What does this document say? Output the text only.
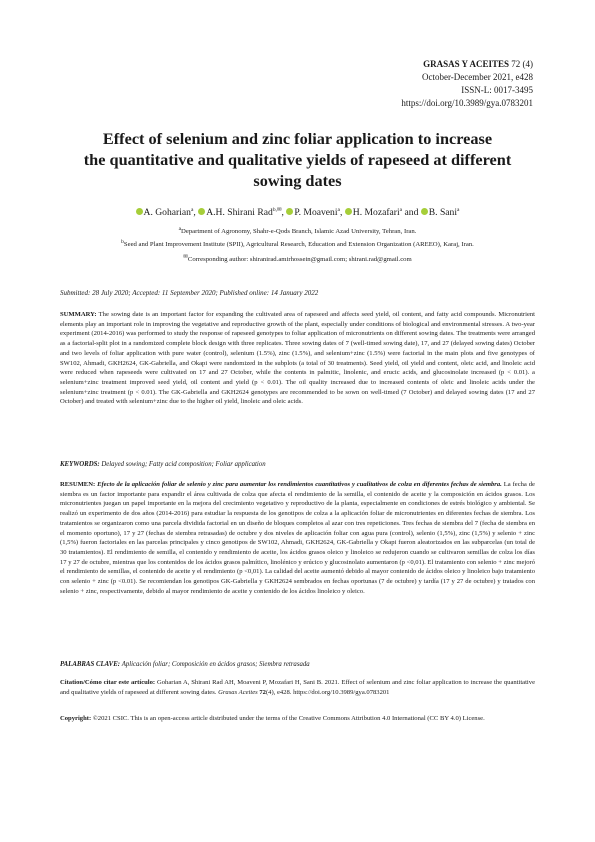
GRASAS Y ACEITES 72 (4)
October-December 2021, e428
ISSN-L: 0017-3495
https://doi.org/10.3989/gya.0783201
Effect of selenium and zinc foliar application to increase
the quantitative and qualitative yields of rapeseed at different
sowing dates
A. Goharian$^a$, A.H. Shirani Rad$^{b,✉}$, P. Moaveni$^a$, H. Mozafari$^a$ and B. Sani$^a$
$^a$Department of Agronomy, Shahr-e-Qods Branch, Islamic Azad University, Tehran, Iran.
$^b$Seed and Plant Improvement Institute (SPII), Agricultural Research, Education and Extension Organization (AREEO), Karaj, Iran.
✉Corresponding author: shiranirad.amirhossein@gmail.com; shirani.rad@gmail.com
Submitted: 28 July 2020; Accepted: 11 September 2020; Published online: 14 January 2022
SUMMARY: The sowing date is an important factor for expanding the cultivated area of rapeseed and affects seed yield, oil content, and fatty acid compounds. Micronutrient elements play an important role in improving the vegetative and reproductive growth of the plant, especially under conditions of biological and environmental stresses. A two-year experiment (2014-2016) was performed to study the response of rapeseed genotypes to foliar application of micronutrients on different sowing dates. The treatments were arranged as a factorial-split plot in a randomized complete block design with three replicates. Three sowing dates of 7 (well-timed sowing date), 17, and 27 (delayed sowing dates) October and two levels of foliar application with pure water (control), selenium (1.5%), zinc (1.5%), and selenium+zinc (1.5%) were factorial in the main plots and five genotypes of SW102, Ahmadi, GKH2624, GK-Gabriella, and Okapi were randomized in the subplots (a total of 30 treatments). Seed yield, oil yield and content, oleic acid, and linoleic acid were reduced when rapeseeds were cultivated on 17 and 27 October, while the contents in palmitic, linolenic, and erucic acids, and glucosinolate increased (p < 0.01). a selenium+zinc treatment improved seed yield, oil content and yield (p < 0.01). The oil quality increased due to increased contents of oleic and linoleic acids under the selenium+zinc treatment (p < 0.01). The GK-Gabriella and GKH2624 genotypes are recommended to be sown on well-timed (7 October) and delayed sowing dates (17 and 27 October) and treated with selenium+zinc due to the higher oil yield, linoleic and oleic acids.
KEYWORDS: Delayed sowing; Fatty acid composition; Foliar application
RESUMEN: Efecto de la aplicación foliar de selenio y zinc para aumentar los rendimientos cuantitativos y cualitativos de colza en diferentes fechas de siembra. La fecha de siembra es un factor importante para expandir el área cultivada de colza que afecta el rendimiento de la semilla, el contenido de aceite y la composición en ácidos grasos. Los micronutrientes juegan un papel importante en la mejora del crecimiento vegetativo y reproductivo de la planta, especialmente en condiciones de estrés biológico y ambiental. Se realizó un experimento de dos años (2014-2016) para estudiar la respuesta de los genotipos de colza a la aplicación foliar de micronutrientes en diferentes fechas de siembra. Los tratamientos se organizaron como una parcela dividida factorial en un diseño de bloques completos al azar con tres repeticiones. Tres fechas de siembra del 7 (fecha de siembra en el momento oportuno), 17 y 27 (fechas de siembra retrasadas) de octubre y dos niveles de aplicación foliar con agua pura (control), selenio (1,5%), zinc (1,5%) y selenio + zinc (1,5%) fueron factoriales en las parcelas principales y cinco genotipos de SW102, Ahmadi, GKH2624, GK-Gabriella y Okapi fueron aleatorizados en las subparcelas (un total de 30 tratamientos). El rendimiento de semilla, el contenido y rendimiento de aceite, los ácidos grasos oleico y linoleico se redujeron cuando se cultivaron semillas de colza los días 17 y 27 de octubre, mientras que los contenidos de los ácidos grasos palmítico, linolénico y erúcico y glucosinolato aumentaron (p <0,01). El tratamiento con selenio + zinc mejoró el rendimiento de semillas, el contenido de aceite y el rendimiento (p <0,01). La calidad del aceite aumentó debido al mayor contenido de ácidos oleico y linoleico bajo tratamiento con selenio + zinc (p <0.01). Se recomiendan los genotipos GK-Gabriella y GKH2624 sembrados en fechas oportunas (7 de octubre) y tardía (17 y 27 de octubre) y tratados con selenio + zinc, respectivamente, debido al mayor rendimiento de aceite y contenido de los ácidos linoleico y oleico.
PALABRAS CLAVE: Aplicación foliar; Composición en ácidos grasos; Siembra retrasada
Citation/Cómo citar este artículo: Goharian A, Shirani Rad AH, Moaveni P, Mozafari H, Sani B. 2021. Effect of selenium and zinc foliar application to increase the quantitative and qualitative yields of rapeseed at different sowing dates. Grasas Aceites 72(4), e428. https://doi.org/10.3989/gya.0783201
Copyright: ©2021 CSIC. This is an open-access article distributed under the terms of the Creative Commons Attribution 4.0 International (CC BY 4.0) License.
